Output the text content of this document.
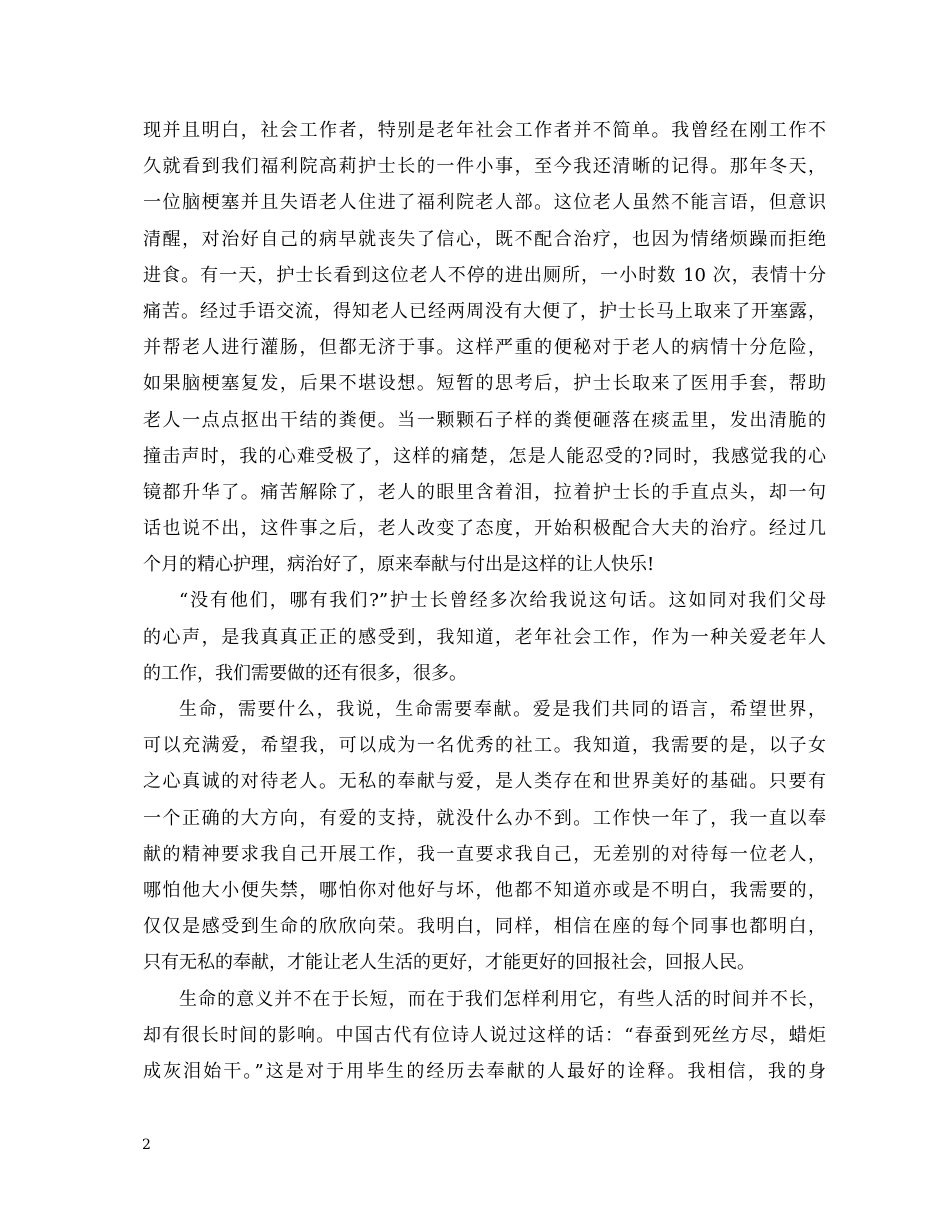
现并且明白，社会工作者，特别是老年社会工作者并不简单。我曾经在刚工作不
久就看到我们福利院高莉护士长的一件小事，至今我还清晰的记得。那年冬天，
一位脑梗塞并且失语老人住进了福利院老人部。这位老人虽然不能言语，但意识
清醒，对治好自己的病早就丧失了信心，既不配合治疗，也因为情绪烦躁而拒绝
进食。有一天，护士长看到这位老人不停的进出厕所，一小时数 10 次，表情十分
痛苦。经过手语交流，得知老人已经两周没有大便了，护士长马上取来了开塞露，
并帮老人进行灌肠，但都无济于事。这样严重的便秘对于老人的病情十分危险，
如果脑梗塞复发，后果不堪设想。短暂的思考后，护士长取来了医用手套，帮助
老人一点点抠出干结的粪便。当一颗颗石子样的粪便砸落在痰盂里，发出清脆的
撞击声时，我的心难受极了，这样的痛楚，怎是人能忍受的?同时，我感觉我的心
镜都升华了。痛苦解除了，老人的眼里含着泪，拉着护士长的手直点头，却一句
话也说不出，这件事之后，老人改变了态度，开始积极配合大夫的治疗。经过几
个月的精心护理，病治好了，原来奉献与付出是这样的让人快乐!
“没有他们，哪有我们?”护士长曾经多次给我说这句话。这如同对我们父母
的心声，是我真真正正的感受到，我知道，老年社会工作，作为一种关爱老年人
的工作，我们需要做的还有很多，很多。
生命，需要什么，我说，生命需要奉献。爱是我们共同的语言，希望世界，
可以充满爱，希望我，可以成为一名优秀的社工。我知道，我需要的是，以子女
之心真诚的对待老人。无私的奉献与爱，是人类存在和世界美好的基础。只要有
一个正确的大方向，有爱的支持，就没什么办不到。工作快一年了，我一直以奉
献的精神要求我自己开展工作，我一直要求我自己，无差别的对待每一位老人，
哪怕他大小便失禁，哪怕你对他好与坏，他都不知道亦或是不明白，我需要的，
仅仅是感受到生命的欣欣向荣。我明白，同样，相信在座的每个同事也都明白，
只有无私的奉献，才能让老人生活的更好，才能更好的回报社会，回报人民。
生命的意义并不在于长短，而在于我们怎样利用它，有些人活的时间并不长，
却有很长时间的影响。中国古代有位诗人说过这样的话：“春蚕到死丝方尽，蜡炬
成灰泪始干。”这是对于用毕生的经历去奉献的人最好的诠释。我相信，我的身
2
